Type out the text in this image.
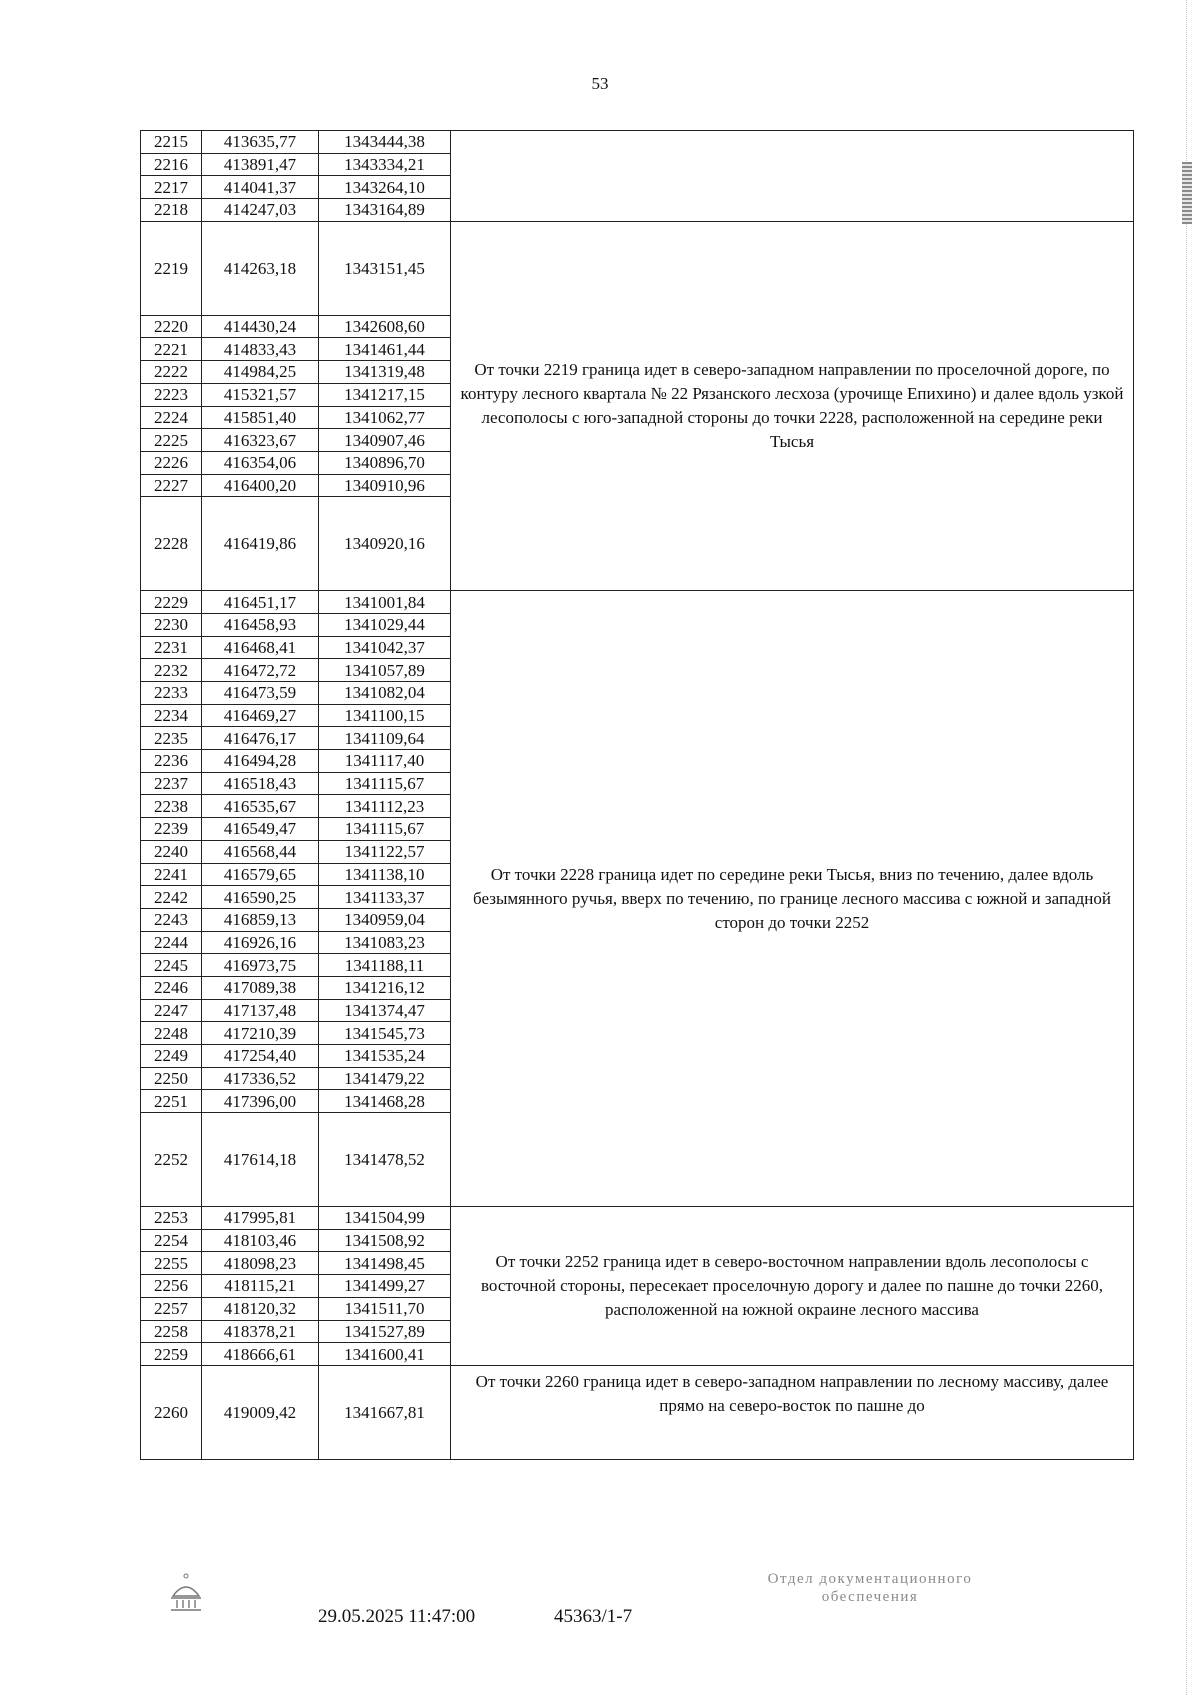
53
2215	413635,77	1343444,38	
2216	413891,47	1343334,21	
2217	414041,37	1343264,10	
2218	414247,03	1343164,89	
2219	414263,18	1343151,45	От точки 2219 граница идет в северо-западном направлении по проселочной дороге, по контуру лесного квартала № 22 Рязанского лесхоза (урочище Епихино) и далее вдоль узкой лесополосы с юго-западной стороны до точки 2228, расположенной на середине реки Тысья
2220	414430,24	1342608,60	
2221	414833,43	1341461,44	
2222	414984,25	1341319,48	
2223	415321,57	1341217,15	
2224	415851,40	1341062,77	
2225	416323,67	1340907,46	
2226	416354,06	1340896,70	
2227	416400,20	1340910,96	
2228	416419,86	1340920,16	
2229	416451,17	1341001,84	От точки 2228 граница идет по середине реки Тысья, вниз по течению, далее вдоль безымянного ручья, вверх по течению, по границе лесного массива с южной и западной сторон до точки 2252
2230	416458,93	1341029,44	
2231	416468,41	1341042,37	
2232	416472,72	1341057,89	
2233	416473,59	1341082,04	
2234	416469,27	1341100,15	
2235	416476,17	1341109,64	
2236	416494,28	1341117,40	
2237	416518,43	1341115,67	
2238	416535,67	1341112,23	
2239	416549,47	1341115,67	
2240	416568,44	1341122,57	
2241	416579,65	1341138,10	
2242	416590,25	1341133,37	
2243	416859,13	1340959,04	
2244	416926,16	1341083,23	
2245	416973,75	1341188,11	
2246	417089,38	1341216,12	
2247	417137,48	1341374,47	
2248	417210,39	1341545,73	
2249	417254,40	1341535,24	
2250	417336,52	1341479,22	
2251	417396,00	1341468,28	
2252	417614,18	1341478,52	
2253	417995,81	1341504,99	От точки 2252 граница идет в северо-восточном направлении вдоль лесополосы с восточной стороны, пересекает проселочную дорогу и далее по пашне до точки 2260, расположенной на южной окраине лесного массива
2254	418103,46	1341508,92	
2255	418098,23	1341498,45	
2256	418115,21	1341499,27	
2257	418120,32	1341511,70	
2258	418378,21	1341527,89	
2259	418666,61	1341600,41	
2260	419009,42	1341667,81	От точки 2260 граница идет в северо-западном направлении по лесному массиву, далее прямо на северо-восток по пашне до
29.05.2025 11:47:00	45363/1-7
Отдел документационного
обеспечения
